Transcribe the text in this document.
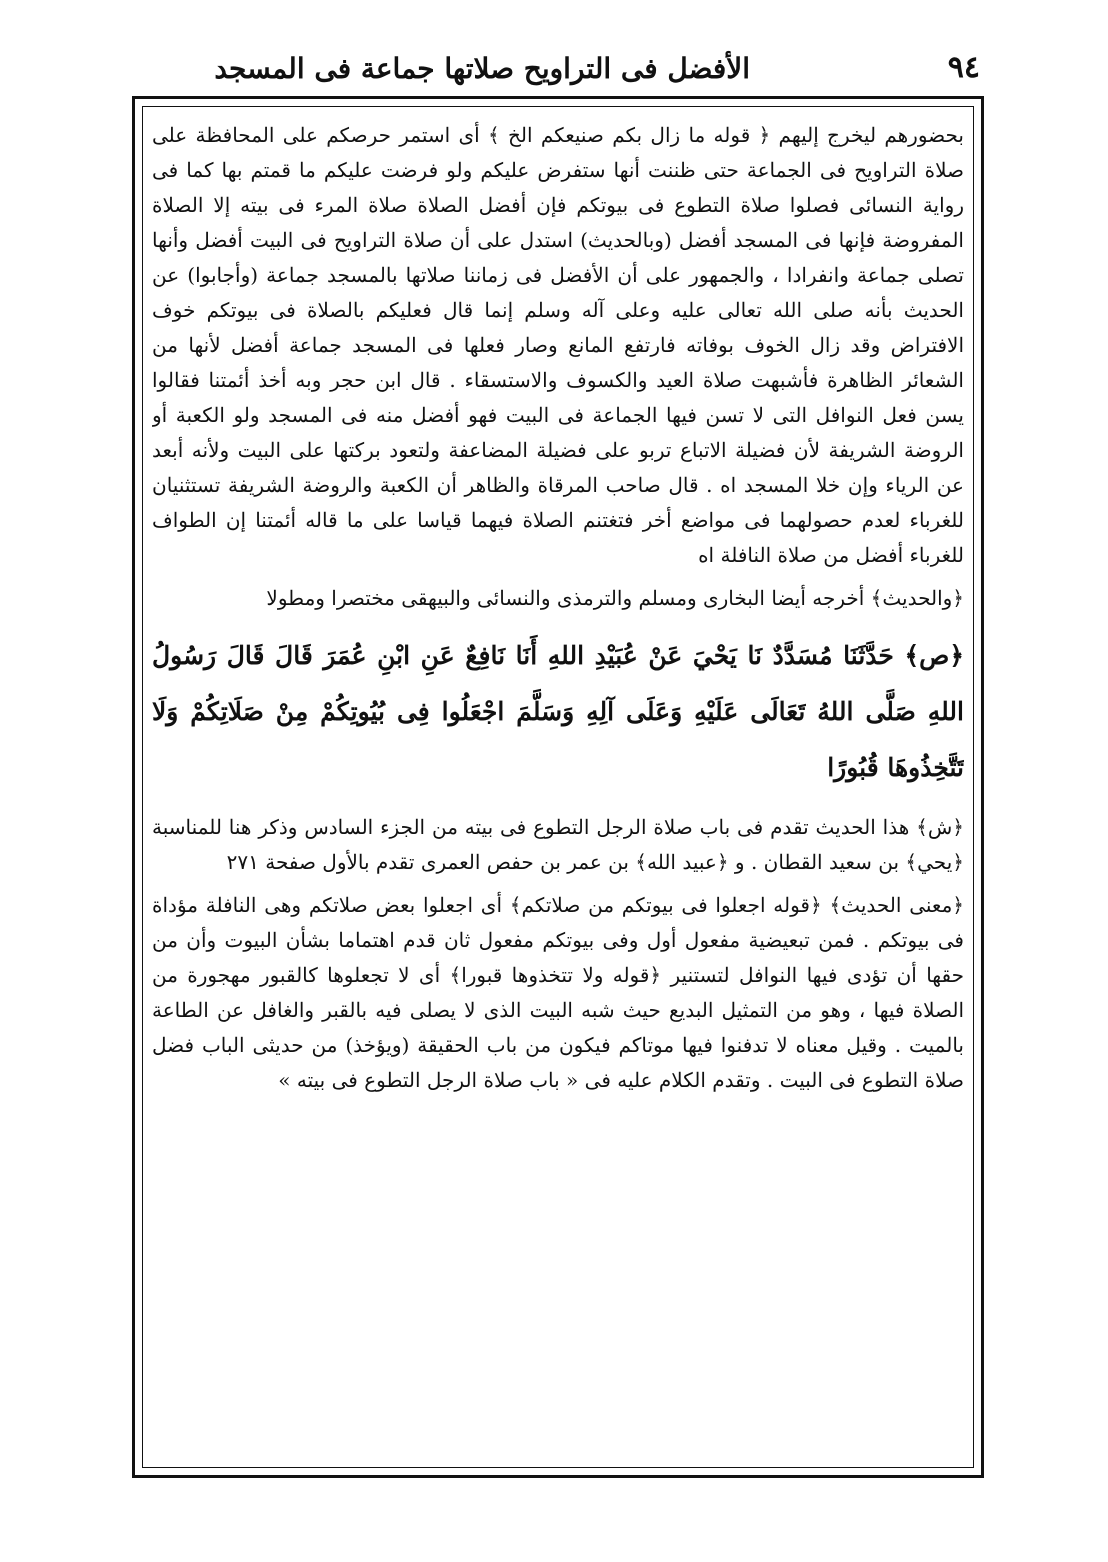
٩٤
الأفضل فى التراويح صلاتها جماعة فى المسجد

بحضورهم ليخرج إليهم ﴿ قوله ما زال بكم صنيعكم الخ ﴾ أى استمر حرصكم على المحافظة على صلاة التراويح فى الجماعة حتى ظننت أنها ستفرض عليكم ولو فرضت عليكم ما قمتم بها كما فى رواية النسائى فصلوا صلاة التطوع فى بيوتكم فإن أفضل الصلاة صلاة المرء فى بيته إلا الصلاة المفروضة فإنها فى المسجد أفضل (وبالحديث) استدل على أن صلاة التراويح فى البيت أفضل وأنها تصلى جماعة وانفرادا ، والجمهور على أن الأفضل فى زماننا صلاتها بالمسجد جماعة (وأجابوا) عن الحديث بأنه صلى الله تعالى عليه وعلى آله وسلم إنما قال فعليكم بالصلاة فى بيوتكم خوف الافتراض وقد زال الخوف بوفاته فارتفع المانع وصار فعلها فى المسجد جماعة أفضل لأنها من الشعائر الظاهرة فأشبهت صلاة العيد والكسوف والاستسقاء . قال ابن حجر وبه أخذ أئمتنا فقالوا يسن فعل النوافل التى لا تسن فيها الجماعة فى البيت فهو أفضل منه فى المسجد ولو الكعبة أو الروضة الشريفة لأن فضيلة الاتباع تربو على فضيلة المضاعفة ولتعود بركتها على البيت ولأنه أبعد عن الرياء وإن خلا المسجد اه . قال صاحب المرقاة والظاهر أن الكعبة والروضة الشريفة تستثنيان للغرباء لعدم حصولهما فى مواضع أخر فتغتنم الصلاة فيهما قياسا على ما قاله أئمتنا إن الطواف للغرباء أفضل من صلاة النافلة اه

﴿والحديث﴾ أخرجه أيضا البخارى ومسلم والترمذى والنسائى والبيهقى مختصرا ومطولا

﴿ص﴾ حَدَّثَنَا مُسَدَّدٌ نَا يَحْيَ عَنْ عُبَيْدِ اللهِ أَنَا نَافِعٌ عَنِ ابْنِ عُمَرَ قَالَ قَالَ رَسُولُ اللهِ صَلَّى اللهُ تَعَالَى عَلَيْهِ وَعَلَى آلِهِ وَسَلَّمَ اجْعَلُوا فِى بُيُوتِكُمْ مِنْ صَلَاتِكُمْ وَلَا تَتَّخِذُوهَا قُبُورًا

﴿ش﴾ هذا الحديث تقدم فى باب صلاة الرجل التطوع فى بيته من الجزء السادس وذكر هنا للمناسبة ﴿يحي﴾ بن سعيد القطان . و ﴿عبيد الله﴾ بن عمر بن حفص العمرى تقدم بالأول صفحة ٢٧١

﴿معنى الحديث﴾ ﴿قوله اجعلوا فى بيوتكم من صلاتكم﴾ أى اجعلوا بعض صلاتكم وهى النافلة مؤداة فى بيوتكم . فمن تبعيضية مفعول أول وفى بيوتكم مفعول ثان قدم اهتماما بشأن البيوت وأن من حقها أن تؤدى فيها النوافل لتستنير ﴿قوله ولا تتخذوها قبورا﴾ أى لا تجعلوها كالقبور مهجورة من الصلاة فيها ، وهو من التمثيل البديع حيث شبه البيت الذى لا يصلى فيه بالقبر والغافل عن الطاعة بالميت . وقيل معناه لا تدفنوا فيها موتاكم فيكون من باب الحقيقة (ويؤخذ) من حديثى الباب فضل صلاة التطوع فى البيت . وتقدم الكلام عليه فى « باب صلاة الرجل التطوع فى بيته »
